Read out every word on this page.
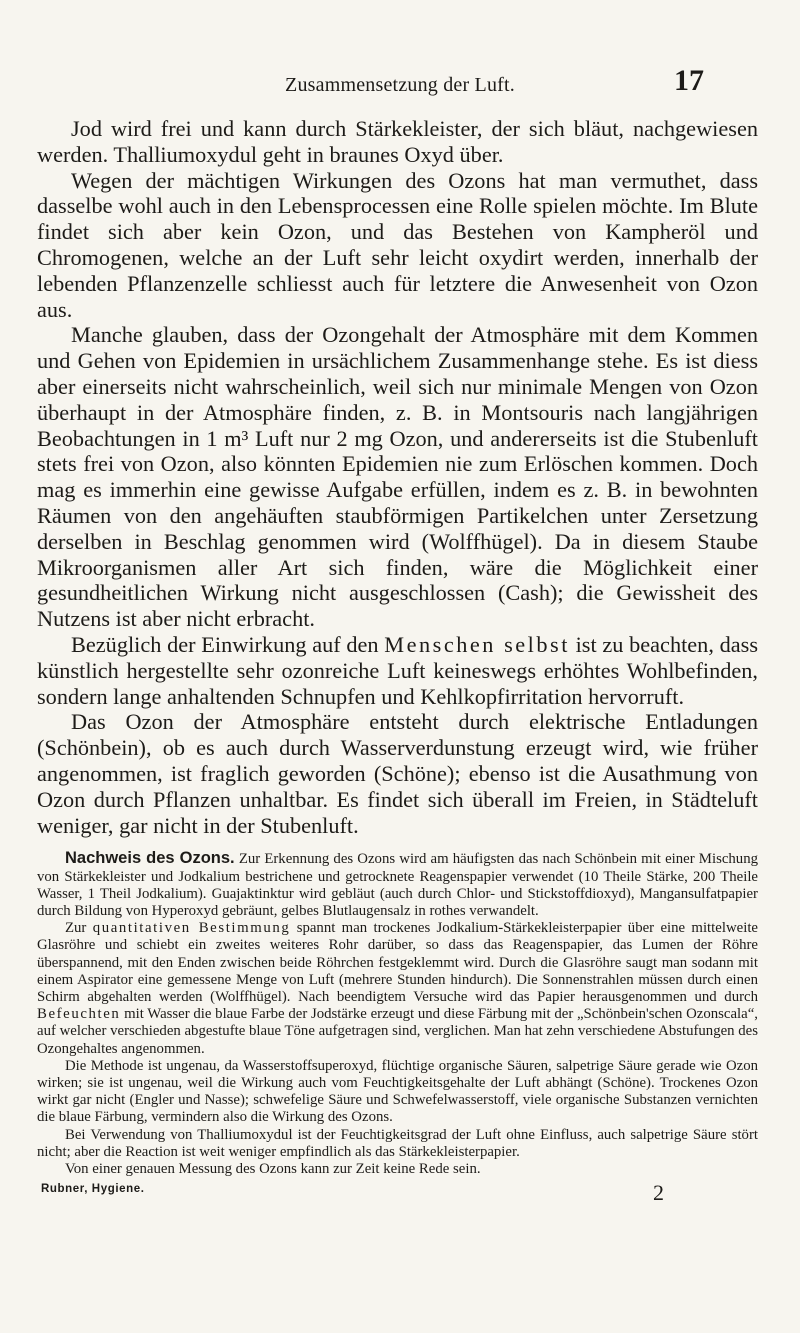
Zusammensetzung der Luft.	17

Jod wird frei und kann durch Stärkekleister, der sich bläut, nachgewiesen werden. Thalliumoxydul geht in braunes Oxyd über.

Wegen der mächtigen Wirkungen des Ozons hat man vermuthet, dass dasselbe wohl auch in den Lebensprocessen eine Rolle spielen möchte. Im Blute findet sich aber kein Ozon, und das Bestehen von Kampheröl und Chromogenen, welche an der Luft sehr leicht oxydirt werden, innerhalb der lebenden Pflanzenzelle schliesst auch für letztere die Anwesenheit von Ozon aus.

Manche glauben, dass der Ozongehalt der Atmosphäre mit dem Kommen und Gehen von Epidemien in ursächlichem Zusammenhange stehe. Es ist diess aber einerseits nicht wahrscheinlich, weil sich nur minimale Mengen von Ozon überhaupt in der Atmosphäre finden, z. B. in Montsouris nach langjährigen Beobachtungen in 1 m³ Luft nur 2 mg Ozon, und andererseits ist die Stubenluft stets frei von Ozon, also könnten Epidemien nie zum Erlöschen kommen. Doch mag es immerhin eine gewisse Aufgabe erfüllen, indem es z. B. in bewohnten Räumen von den angehäuften staubförmigen Partikelchen unter Zersetzung derselben in Beschlag genommen wird (Wolffhügel). Da in diesem Staube Mikroorganismen aller Art sich finden, wäre die Möglichkeit einer gesundheitlichen Wirkung nicht ausgeschlossen (Cash); die Gewissheit des Nutzens ist aber nicht erbracht.

Bezüglich der Einwirkung auf den Menschen selbst ist zu beachten, dass künstlich hergestellte sehr ozonreiche Luft keineswegs erhöhtes Wohlbefinden, sondern lange anhaltenden Schnupfen und Kehlkopfirritation hervorruft.

Das Ozon der Atmosphäre entsteht durch elektrische Entladungen (Schönbein), ob es auch durch Wasserverdunstung erzeugt wird, wie früher angenommen, ist fraglich geworden (Schöne); ebenso ist die Ausathmung von Ozon durch Pflanzen unhaltbar. Es findet sich überall im Freien, in Städteluft weniger, gar nicht in der Stubenluft.

Nachweis des Ozons. Zur Erkennung des Ozons wird am häufigsten das nach Schönbein mit einer Mischung von Stärkekleister und Jodkalium bestrichene und getrocknete Reagenspapier verwendet (10 Theile Stärke, 200 Theile Wasser, 1 Theil Jodkalium). Guajaktinktur wird gebläut (auch durch Chlor- und Stickstoffdioxyd), Mangansulfatpapier durch Bildung von Hyperoxyd gebräunt, gelbes Blutlaugensalz in rothes verwandelt.

Zur quantitativen Bestimmung spannt man trockenes Jodkalium-Stärkekleisterpapier über eine mittelweite Glasröhre und schiebt ein zweites weiteres Rohr darüber, so dass das Reagenspapier, das Lumen der Röhre überspannend, mit den Enden zwischen beide Röhrchen festgeklemmt wird. Durch die Glasröhre saugt man sodann mit einem Aspirator eine gemessene Menge von Luft (mehrere Stunden hindurch). Die Sonnenstrahlen müssen durch einen Schirm abgehalten werden (Wolffhügel). Nach beendigtem Versuche wird das Papier herausgenommen und durch Befeuchten mit Wasser die blaue Farbe der Jodstärke erzeugt und diese Färbung mit der „Schönbein'schen Ozonscala“, auf welcher verschieden abgestufte blaue Töne aufgetragen sind, verglichen. Man hat zehn verschiedene Abstufungen des Ozongehaltes angenommen.

Die Methode ist ungenau, da Wasserstoffsuperoxyd, flüchtige organische Säuren, salpetrige Säure gerade wie Ozon wirken; sie ist ungenau, weil die Wirkung auch vom Feuchtigkeitsgehalte der Luft abhängt (Schöne). Trockenes Ozon wirkt gar nicht (Engler und Nasse); schwefelige Säure und Schwefelwasserstoff, viele organische Substanzen vernichten die blaue Färbung, vermindern also die Wirkung des Ozons.

Bei Verwendung von Thalliumoxydul ist der Feuchtigkeitsgrad der Luft ohne Einfluss, auch salpetrige Säure stört nicht; aber die Reaction ist weit weniger empfindlich als das Stärkekleisterpapier.

Von einer genauen Messung des Ozons kann zur Zeit keine Rede sein.

Rubner, Hygiene.	2
